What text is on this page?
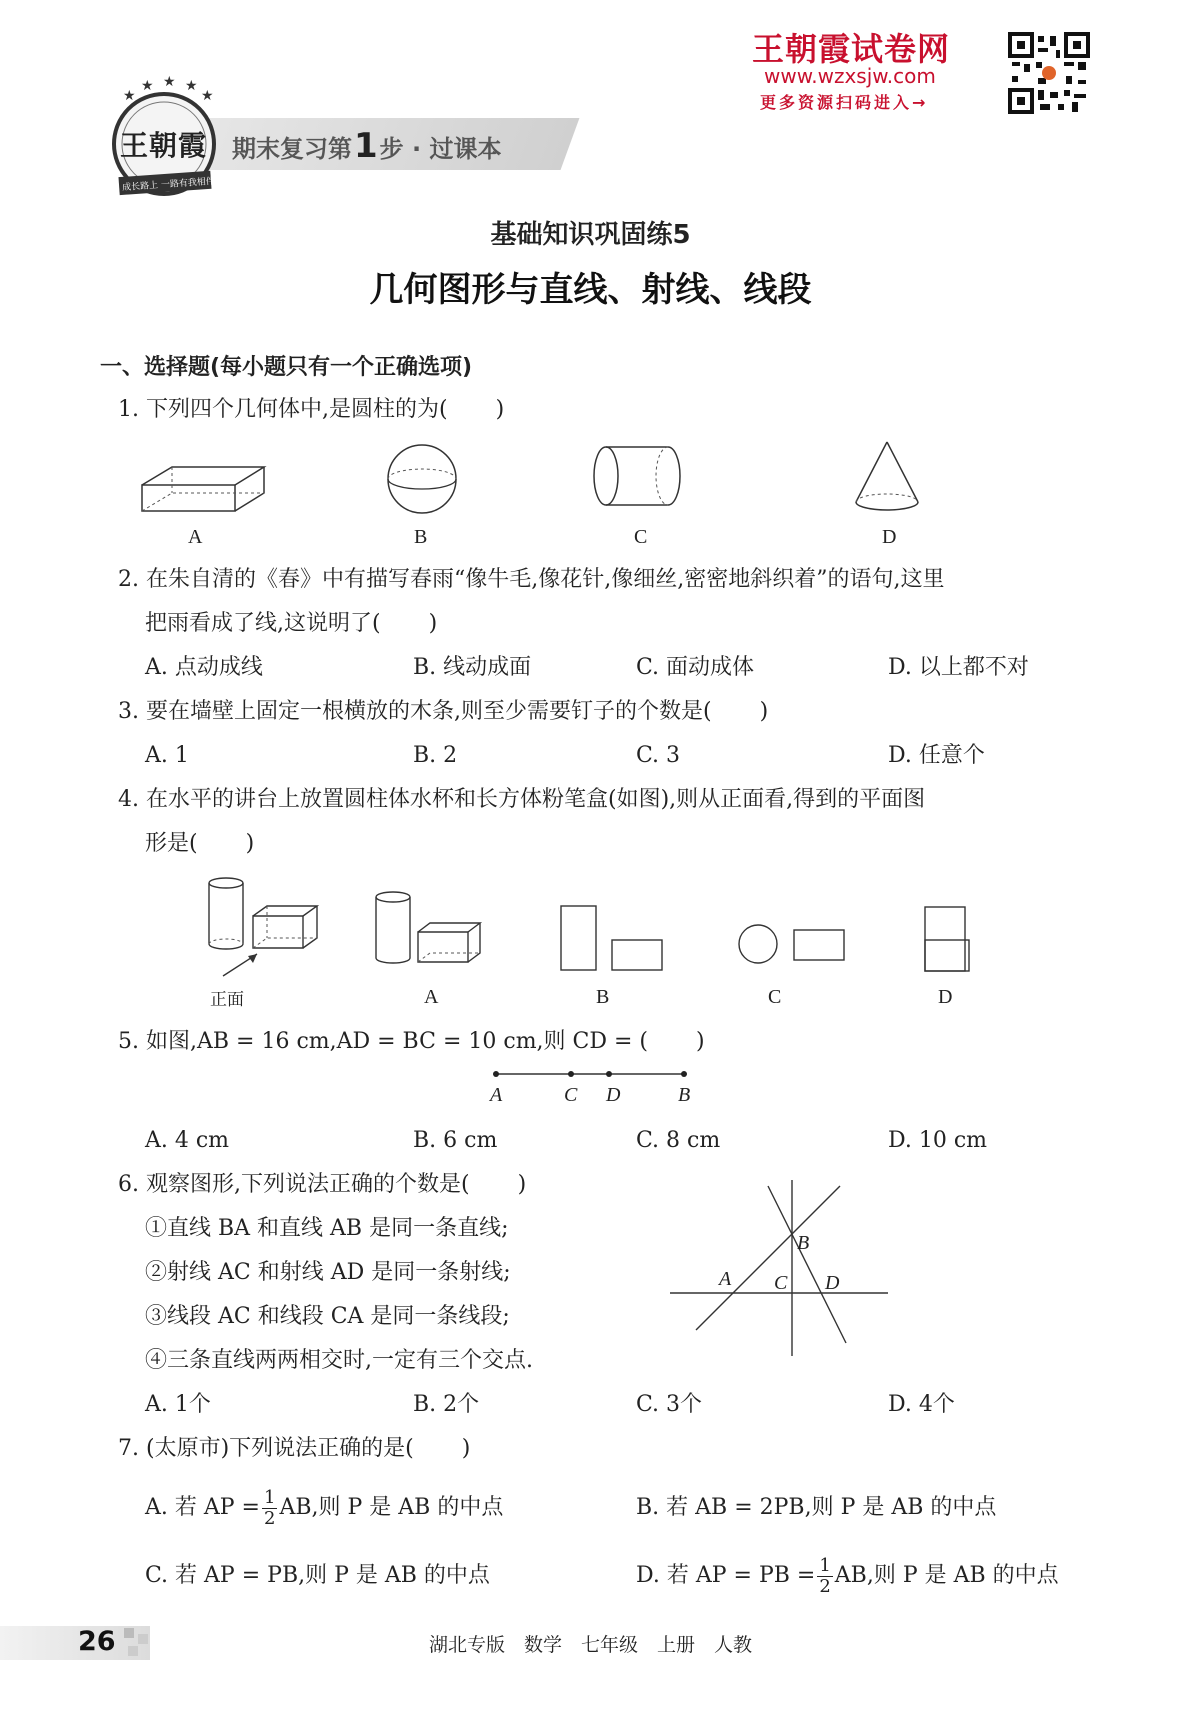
期末复习第1步 · 过课本
★
★ ★ ★
★
王朝霞
成长路上 一路有我相伴
王朝霞试卷网
www.wzxsjw.com
更多资源扫码进入→
基础知识巩固练5
几何图形与直线、射线、线段
一、选择题(每小题只有一个正确选项)
1. 下列四个几何体中,是圆柱的为( )
A	B	C	D
2. 在朱自清的《春》中有描写春雨“像牛毛,像花针,像细丝,密密地斜织着”的语句,这里
把雨看成了线,这说明了( )
A. 点动成线	B. 线动成面	C. 面动成体	D. 以上都不对
3. 要在墙壁上固定一根横放的木条,则至少需要钉子的个数是( )
A. 1	B. 2	C. 3	D. 任意个
4. 在水平的讲台上放置圆柱体水杯和长方体粉笔盒(如图),则从正面看,得到的平面图
形是( )
正面	A	B	C	D
5. 如图,AB = 16 cm,AD = BC = 10 cm,则 CD = ( )
A	C D	B
A. 4 cm	B. 6 cm	C. 8 cm	D. 10 cm
6. 观察图形,下列说法正确的个数是( )
①直线 BA 和直线 AB 是同一条直线;
②射线 AC 和射线 AD 是同一条射线;
③线段 AC 和线段 CA 是同一条线段;
④三条直线两两相交时,一定有三个交点.
A
B
C D
A. 1个	B. 2个	C. 3个	D. 4个
7. (太原市)下列说法正确的是( )
A. 若 AP = $\frac{1}{2}$ AB,则 P 是 AB 的中点	B. 若 AB = 2PB,则 P 是 AB 的中点
C. 若 AP = PB,则 P 是 AB 的中点	D. 若 AP = PB = $\frac{1}{2}$ AB,则 P 是 AB 的中点
26	湖北专版　数学　七年级　上册　人教
